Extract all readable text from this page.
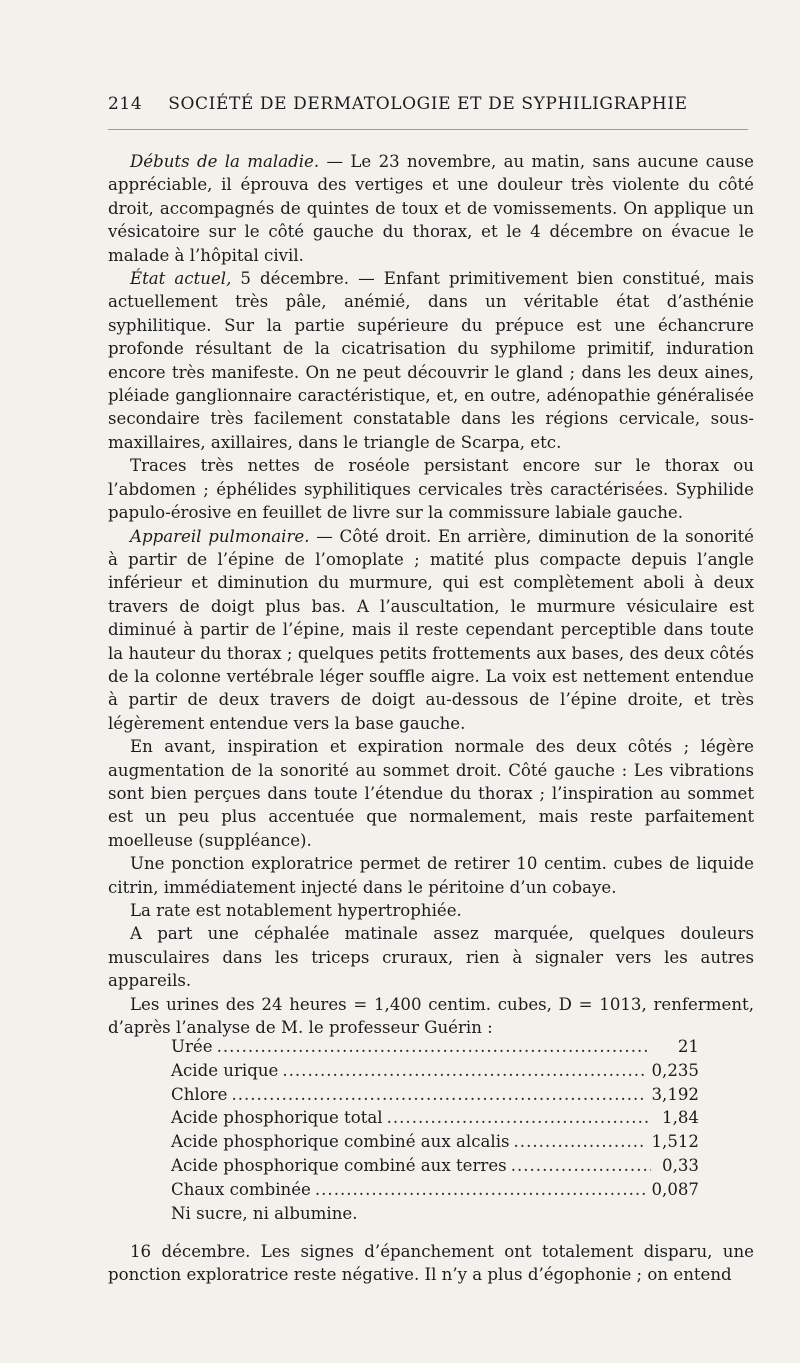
214 SOCIÉTÉ DE DERMATOLOGIE ET DE SYPHILIGRAPHIE

Débuts de la maladie. — Le 23 novembre, au matin, sans aucune cause appréciable, il éprouva des vertiges et une douleur très violente du côté droit, accompagnés de quintes de toux et de vomissements. On applique un vésicatoire sur le côté gauche du thorax, et le 4 décembre on évacue le malade à l’hôpital civil.

État actuel, 5 décembre. — Enfant primitivement bien constitué, mais actuellement très pâle, anémié, dans un véritable état d’asthénie syphilitique. Sur la partie supérieure du prépuce est une échancrure profonde résultant de la cicatrisation du syphilome primitif, induration encore très manifeste. On ne peut découvrir le gland ; dans les deux aines, pléiade ganglionnaire caractéristique, et, en outre, adénopathie généralisée secondaire très facilement constatable dans les régions cervicale, sous-maxillaires, axillaires, dans le triangle de Scarpa, etc.

Traces très nettes de roséole persistant encore sur le thorax ou l’abdomen ; éphélides syphilitiques cervicales très caractérisées. Syphilide papulo-érosive en feuillet de livre sur la commissure labiale gauche.

Appareil pulmonaire. — Côté droit. En arrière, diminution de la sonorité à partir de l’épine de l’omoplate ; matité plus compacte depuis l’angle inférieur et diminution du murmure, qui est complètement aboli à deux travers de doigt plus bas. A l’auscultation, le murmure vésiculaire est diminué à partir de l’épine, mais il reste cependant perceptible dans toute la hauteur du thorax ; quelques petits frottements aux bases, des deux côtés de la colonne vertébrale léger souffle aigre. La voix est nettement entendue à partir de deux travers de doigt au-dessous de l’épine droite, et très légèrement entendue vers la base gauche.

En avant, inspiration et expiration normale des deux côtés ; légère augmentation de la sonorité au sommet droit. Côté gauche : Les vibrations sont bien perçues dans toute l’étendue du thorax ; l’inspiration au sommet est un peu plus accentuée que normalement, mais reste parfaitement moelleuse (suppléance).

Une ponction exploratrice permet de retirer 10 centim. cubes de liquide citrin, immédiatement injecté dans le péritoine d’un cobaye.

La rate est notablement hypertrophiée.

A part une céphalée matinale assez marquée, quelques douleurs musculaires dans les triceps cruraux, rien à signaler vers les autres appareils.

Les urines des 24 heures = 1,400 centim. cubes, D = 1013, renferment, d’après l’analyse de M. le professeur Guérin :

Urée .....	21
Acide urique .....	0,235
Chlore .....	3,192
Acide phosphorique total .....	1,84
Acide phosphorique combiné aux alcalis .....	1,512
Acide phosphorique combiné aux terres .....	0,33
Chaux combinée .....	0,087
Ni sucre, ni albumine.

16 décembre. Les signes d’épanchement ont totalement disparu, une ponction exploratrice reste négative. Il n’y a plus d’égophonie ; on entend
